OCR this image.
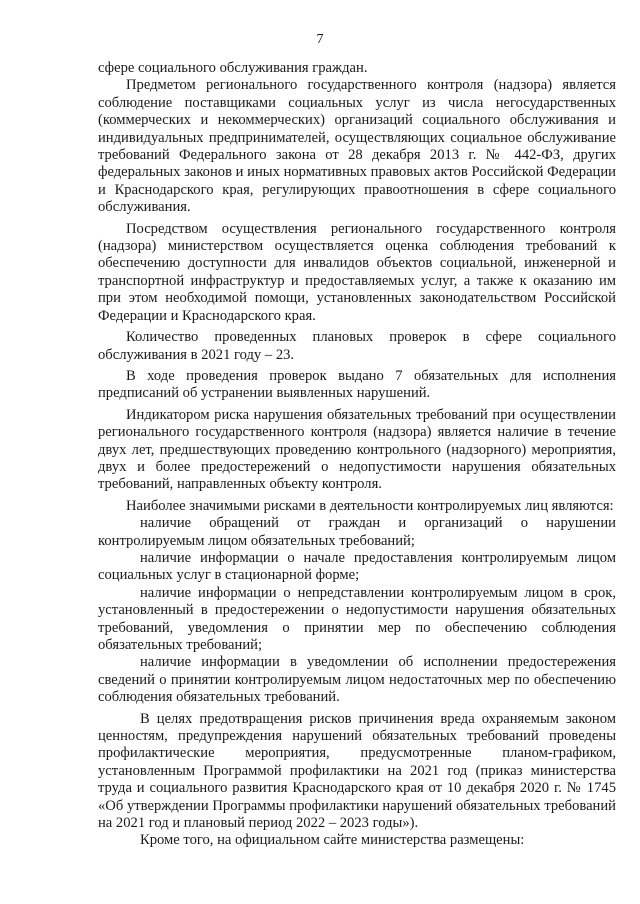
7

сфере социального обслуживания граждан.

Предметом регионального государственного контроля (надзора) является соблюдение поставщиками социальных услуг из числа негосударственных (коммерческих и некоммерческих) организаций социального обслуживания и индивидуальных предпринимателей, осуществляющих социальное обслуживание требований Федерального закона от 28 декабря 2013 г. № 442-ФЗ, других федеральных законов и иных нормативных правовых актов Российской Федерации и Краснодарского края, регулирующих правоотношения в сфере социального обслуживания.

Посредством осуществления регионального государственного контроля (надзора) министерством осуществляется оценка соблюдения требований к обеспечению доступности для инвалидов объектов социальной, инженерной и транспортной инфраструктур и предоставляемых услуг, а также к оказанию им при этом необходимой помощи, установленных законодательством Российской Федерации и Краснодарского края.

Количество проведенных плановых проверок в сфере социального обслуживания в 2021 году – 23.

В ходе проведения проверок выдано 7 обязательных для исполнения предписаний об устранении выявленных нарушений.

Индикатором риска нарушения обязательных требований при осуществлении регионального государственного контроля (надзора) является наличие в течение двух лет, предшествующих проведению контрольного (надзорного) мероприятия, двух и более предостережений о недопустимости нарушения обязательных требований, направленных объекту контроля.

Наиболее значимыми рисками в деятельности контролируемых лиц являются:

наличие обращений от граждан и организаций о нарушении контролируемым лицом обязательных требований;

наличие информации о начале предоставления контролируемым лицом социальных услуг в стационарной форме;

наличие информации о непредставлении контролируемым лицом в срок, установленный в предостережении о недопустимости нарушения обязательных требований, уведомления о принятии мер по обеспечению соблюдения обязательных требований;

наличие информации в уведомлении об исполнении предостережения сведений о принятии контролируемым лицом недостаточных мер по обеспечению соблюдения обязательных требований.

В целях предотвращения рисков причинения вреда охраняемым законом ценностям, предупреждения нарушений обязательных требований проведены профилактические мероприятия, предусмотренные планом-графиком, установленным Программой профилактики на 2021 год (приказ министерства труда и социального развития Краснодарского края от 10 декабря 2020 г. № 1745 «Об утверждении Программы профилактики нарушений обязательных требований на 2021 год и плановый период 2022 – 2023 годы»).

Кроме того, на официальном сайте министерства размещены:
